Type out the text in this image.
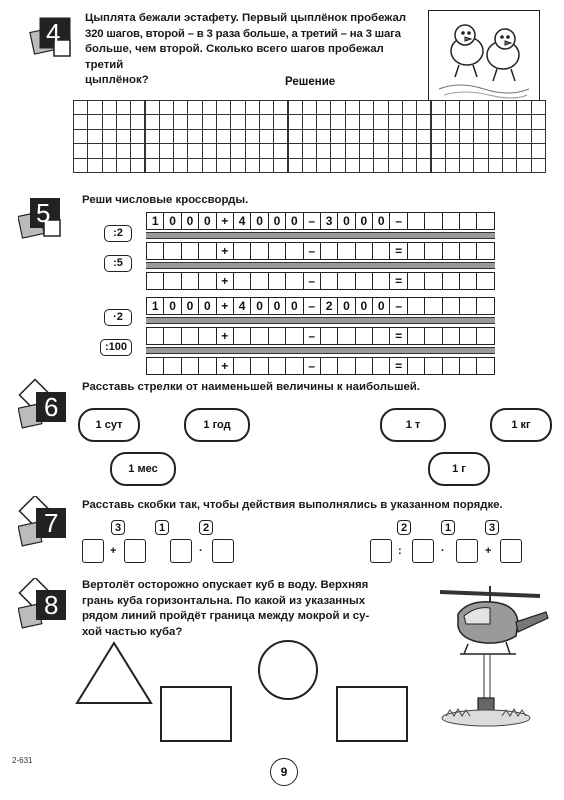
4 Цыплята бежали эстафету. Первый цыплёнок пробежал
320 шагов, второй – в 3 раза больше, а третий – на 3 шага
больше, чем второй. Сколько всего шагов пробежал третий
цыплёнок?	Решение
5	Реши числовые кроссворды.
1 0 0 0 + 4 0 0 0 – 3 0 0 0 –
+	–	=
+	–	=
:2
:5
1 0 0 0 + 4 0 0 0 – 2 0 0 0 –
+	–	=
+	–	=
·2
:100
6
Расставь стрелки от наименьшей величины к наибольшей.
1 сут	1 год	1 т	1 кг
1 мес	1 г
7
Расставь скобки так, чтобы действия выполнялись в указанном порядке.
3	1	2
+	·
2	1	3
:	·	+
8
Вертолёт осторожно опускает куб в воду. Верхняя
грань куба горизонтальна. По какой из указанных
рядом линий пройдёт граница между мокрой и су-
хой частью куба?
2-631
9
